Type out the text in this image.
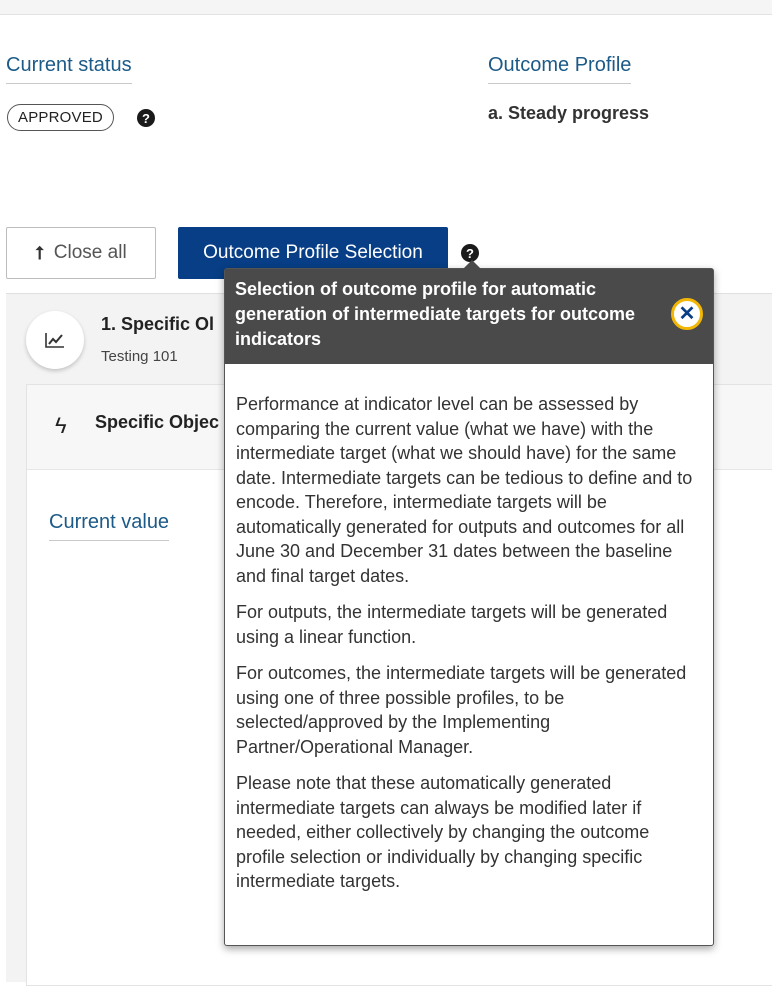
Current status
APPROVED	?
Outcome Profile
a. Steady progress
⭡ Close all	Outcome Profile Selection	?
1. Specific Ol
Testing 101
ϟ Specific Objec
Current value
Selection of outcome profile for automatic generation of intermediate targets for outcome indicators
✕

Performance at indicator level can be assessed by comparing the current value (what we have) with the intermediate target (what we should have) for the same date. Intermediate targets can be tedious to define and to encode. Therefore, intermediate targets will be automatically generated for outputs and outcomes for all June 30 and December 31 dates between the baseline and final target dates.

For outputs, the intermediate targets will be generated using a linear function.

For outcomes, the intermediate targets will be generated using one of three possible profiles, to be selected/approved by the Implementing Partner/Operational Manager.

Please note that these automatically generated intermediate targets can always be modified later if needed, either collectively by changing the outcome profile selection or individually by changing specific intermediate targets.
